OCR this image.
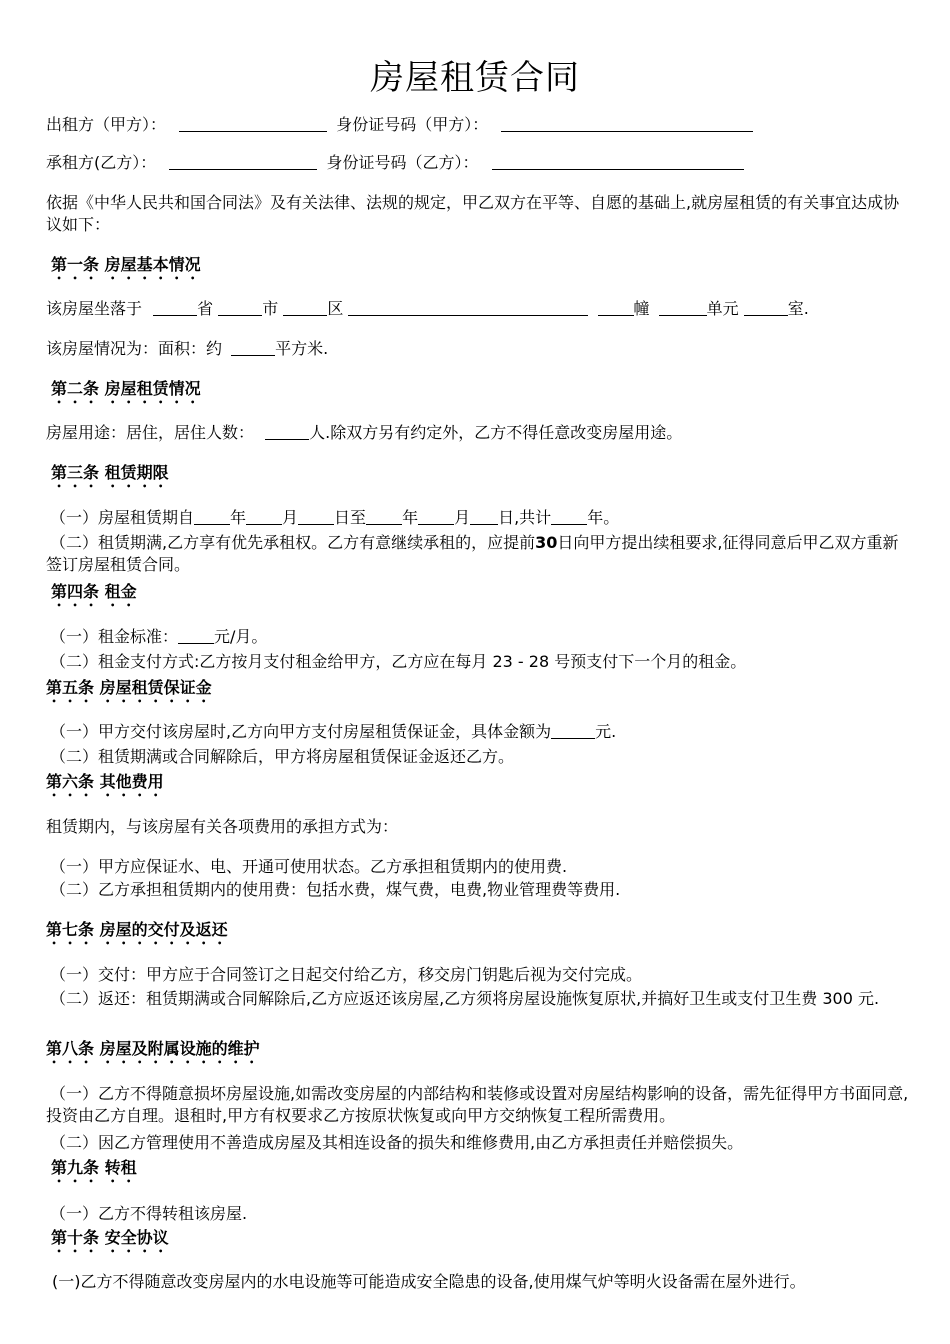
房屋租赁合同
出租方（甲方）：	身份证号码（甲方）：
承租方(乙方）：	身份证号码（乙方）：
依据《中华人民共和国合同法》及有关法律、法规的规定，甲乙双方在平等、自愿的基础上,就房屋租赁的有关事宜达成协议如下：
第一条 房屋基本情况
该房屋坐落于	省	市	区	幢	单元	室.
该房屋情况为：面积：约	平方米.
第二条 房屋租赁情况
房屋用途：居住，居住人数：	人.除双方另有约定外，乙方不得任意改变房屋用途。
第三条 租赁期限
（一）房屋租赁期自 年 月 日至 年 月 日,共计 年。
（二）租赁期满,乙方享有优先承租权。乙方有意继续承租的，应提前30日向甲方提出续租要求,征得同意后甲乙双方重新签订房屋租赁合同。
第四条 租金
（一）租金标准： 元/月。
（二）租金支付方式:乙方按月支付租金给甲方，乙方应在每月 23 - 28 号预支付下一个月的租金。
第五条 房屋租赁保证金
（一）甲方交付该房屋时,乙方向甲方支付房屋租赁保证金，具体金额为	元.
（二）租赁期满或合同解除后，甲方将房屋租赁保证金返还乙方。
第六条 其他费用
租赁期内，与该房屋有关各项费用的承担方式为：
（一）甲方应保证水、电、开通可使用状态。乙方承担租赁期内的使用费.
（二）乙方承担租赁期内的使用费：包括水费，煤气费，电费,物业管理费等费用.
第七条 房屋的交付及返还
（一）交付：甲方应于合同签订之日起交付给乙方，移交房门钥匙后视为交付完成。
（二）返还：租赁期满或合同解除后,乙方应返还该房屋,乙方须将房屋设施恢复原状,并搞好卫生或支付卫生费 300 元.
第八条 房屋及附属设施的维护
（一）乙方不得随意损坏房屋设施,如需改变房屋的内部结构和装修或设置对房屋结构影响的设备，需先征得甲方书面同意,投资由乙方自理。退租时,甲方有权要求乙方按原状恢复或向甲方交纳恢复工程所需费用。
（二）因乙方管理使用不善造成房屋及其相连设备的损失和维修费用,由乙方承担责任并赔偿损失。
第九条 转租
（一）乙方不得转租该房屋.
第十条 安全协议
(一)乙方不得随意改变房屋内的水电设施等可能造成安全隐患的设备,使用煤气炉等明火设备需在屋外进行。
